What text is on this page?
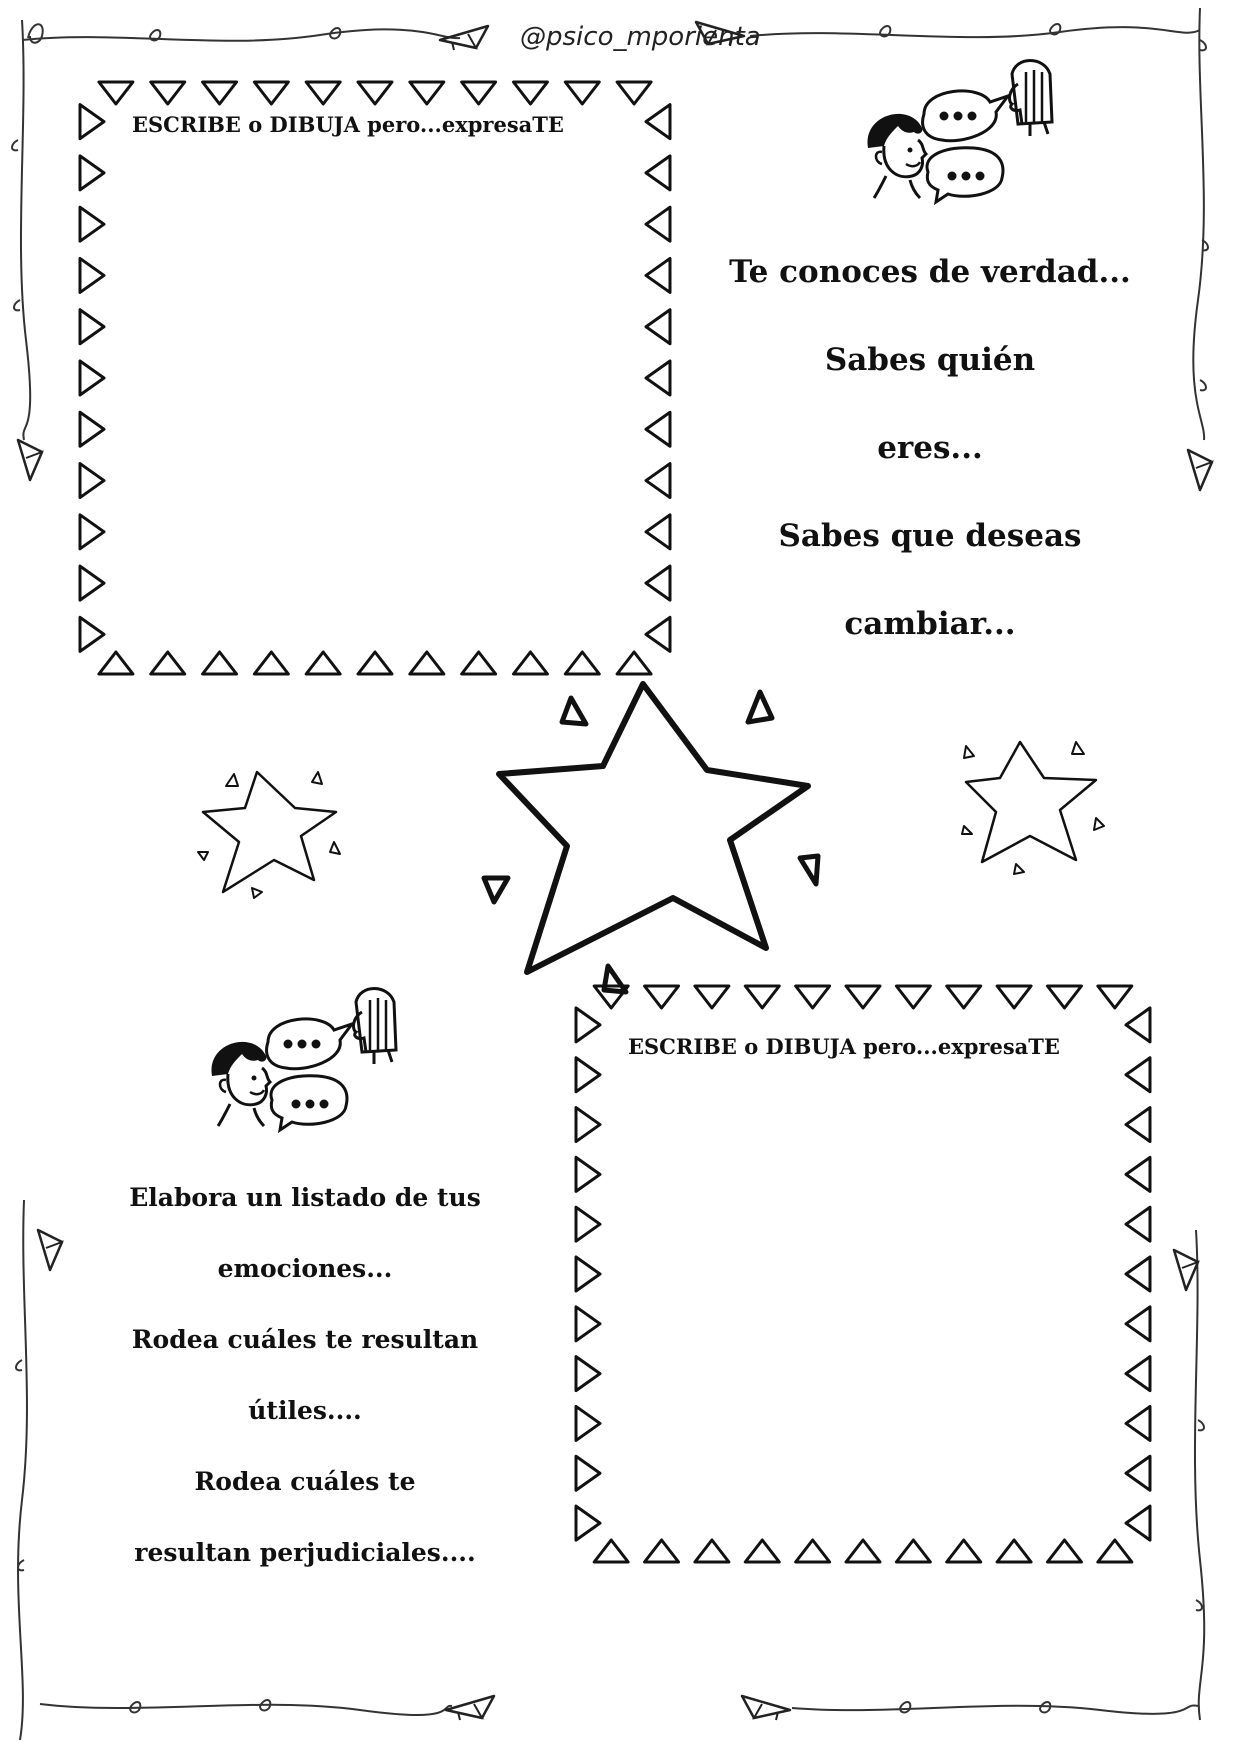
@psico_mporienta
ESCRIBE o DIBUJA pero...expresaTE
ESCRIBE o DIBUJA pero...expresaTE

Te conoces de verdad...

Sabes quién

eres...

Sabes que deseas

cambiar...

Elabora un listado de tus

emociones...

Rodea cuáles te resultan

útiles....

Rodea cuáles te

resultan perjudiciales....
